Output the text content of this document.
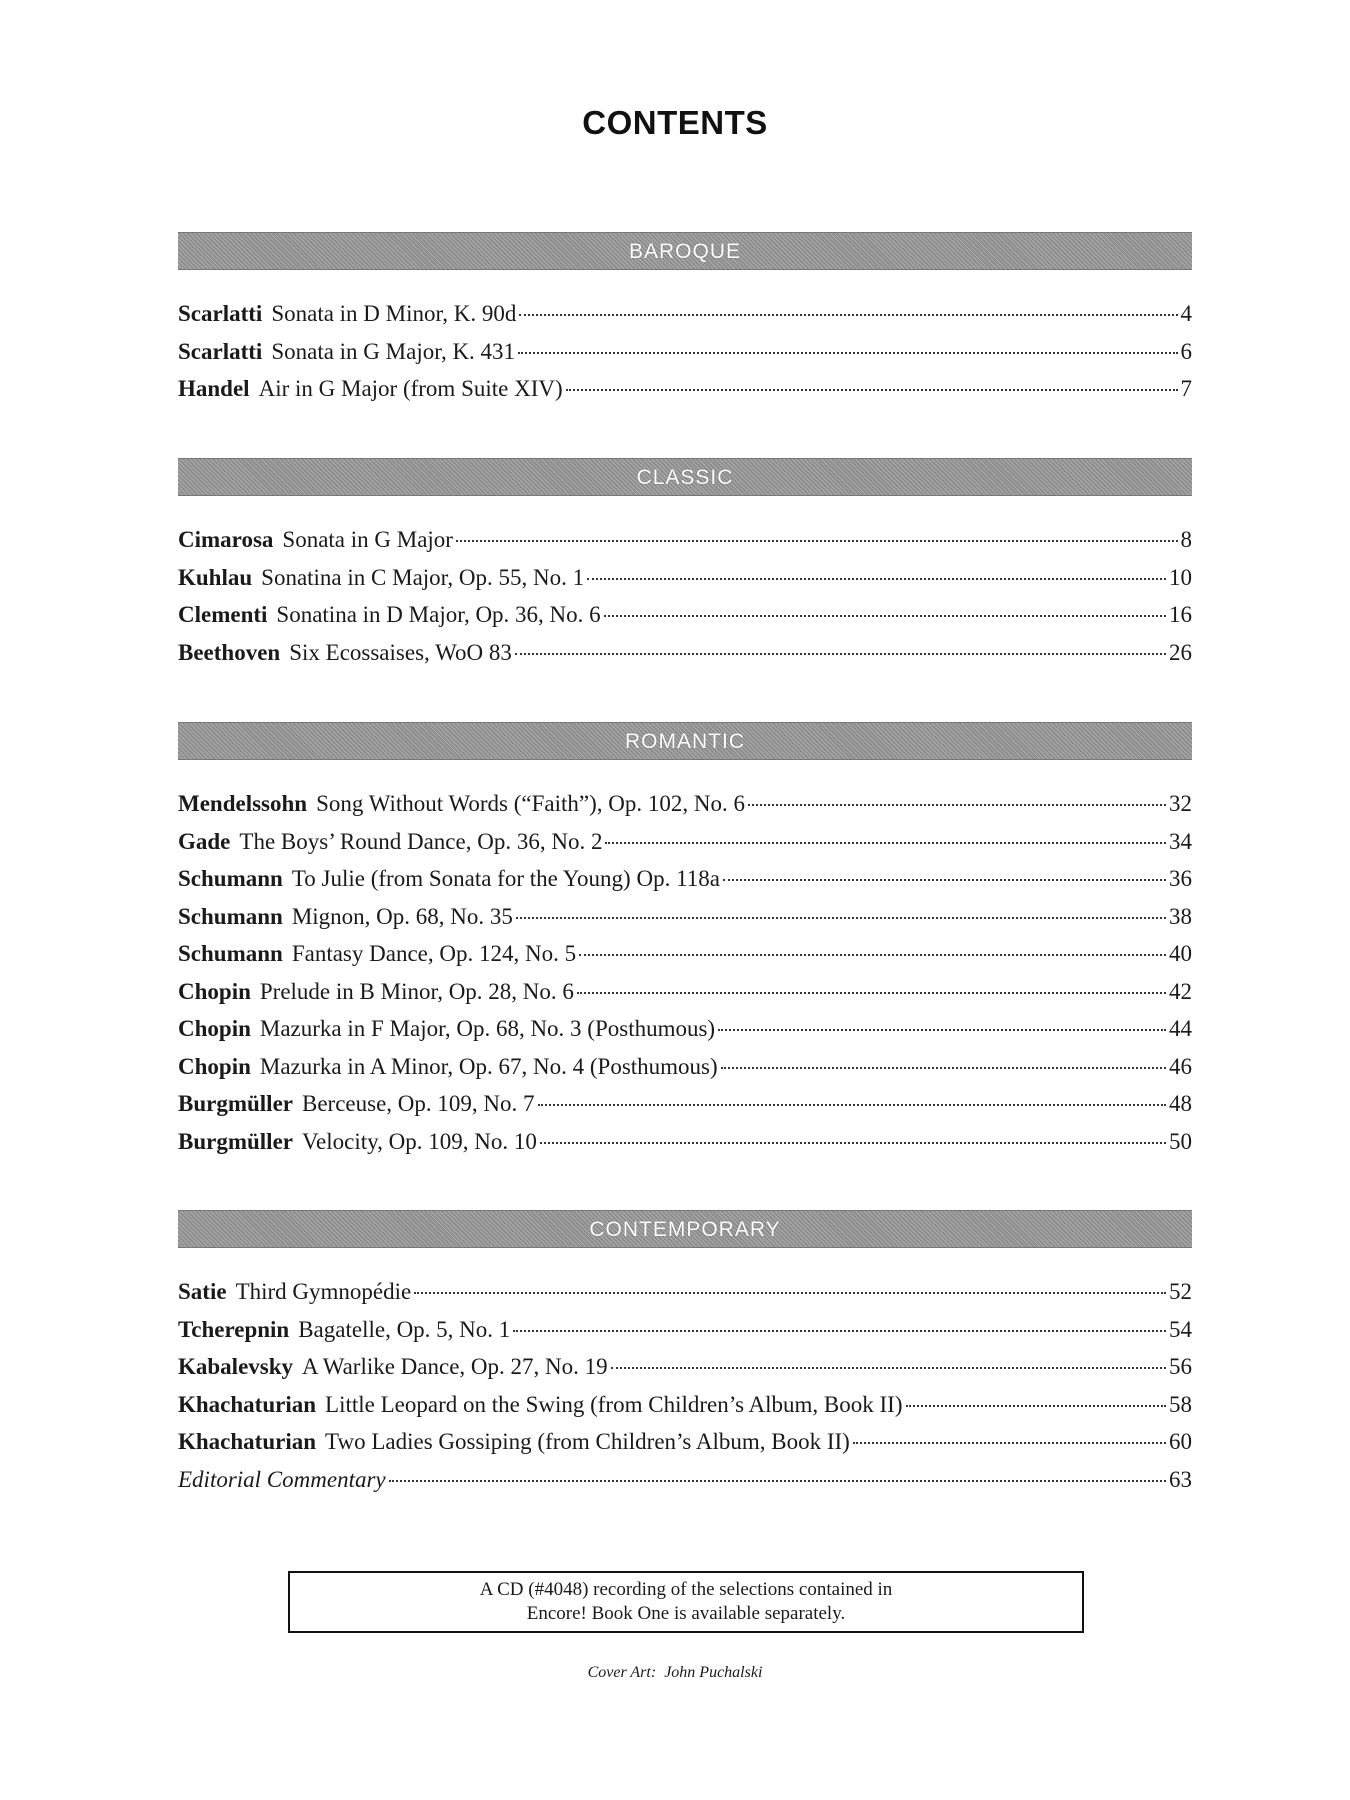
CONTENTS
BAROQUE
Scarlatti Sonata in D Minor, K. 90d	4
Scarlatti Sonata in G Major, K. 431	6
Handel Air in G Major (from Suite XIV)	7
CLASSIC
Cimarosa Sonata in G Major	8
Kuhlau Sonatina in C Major, Op. 55, No. 1	10
Clementi Sonatina in D Major, Op. 36, No. 6	16
Beethoven Six Ecossaises, WoO 83	26
ROMANTIC
Mendelssohn Song Without Words (“Faith”), Op. 102, No. 6	32
Gade The Boys’ Round Dance, Op. 36, No. 2	34
Schumann To Julie (from Sonata for the Young) Op. 118a	36
Schumann Mignon, Op. 68, No. 35	38
Schumann Fantasy Dance, Op. 124, No. 5	40
Chopin Prelude in B Minor, Op. 28, No. 6	42
Chopin Mazurka in F Major, Op. 68, No. 3 (Posthumous)	44
Chopin Mazurka in A Minor, Op. 67, No. 4 (Posthumous)	46
Burgmüller Berceuse, Op. 109, No. 7	48
Burgmüller Velocity, Op. 109, No. 10	50
CONTEMPORARY
Satie Third Gymnopédie	52
Tcherepnin Bagatelle, Op. 5, No. 1	54
Kabalevsky A Warlike Dance, Op. 27, No. 19	56
Khachaturian Little Leopard on the Swing (from Children’s Album, Book II)	58
Khachaturian Two Ladies Gossiping (from Children’s Album, Book II)	60
Editorial Commentary	63
A CD (#4048) recording of the selections contained in
Encore! Book One is available separately.
Cover Art: John Puchalski
